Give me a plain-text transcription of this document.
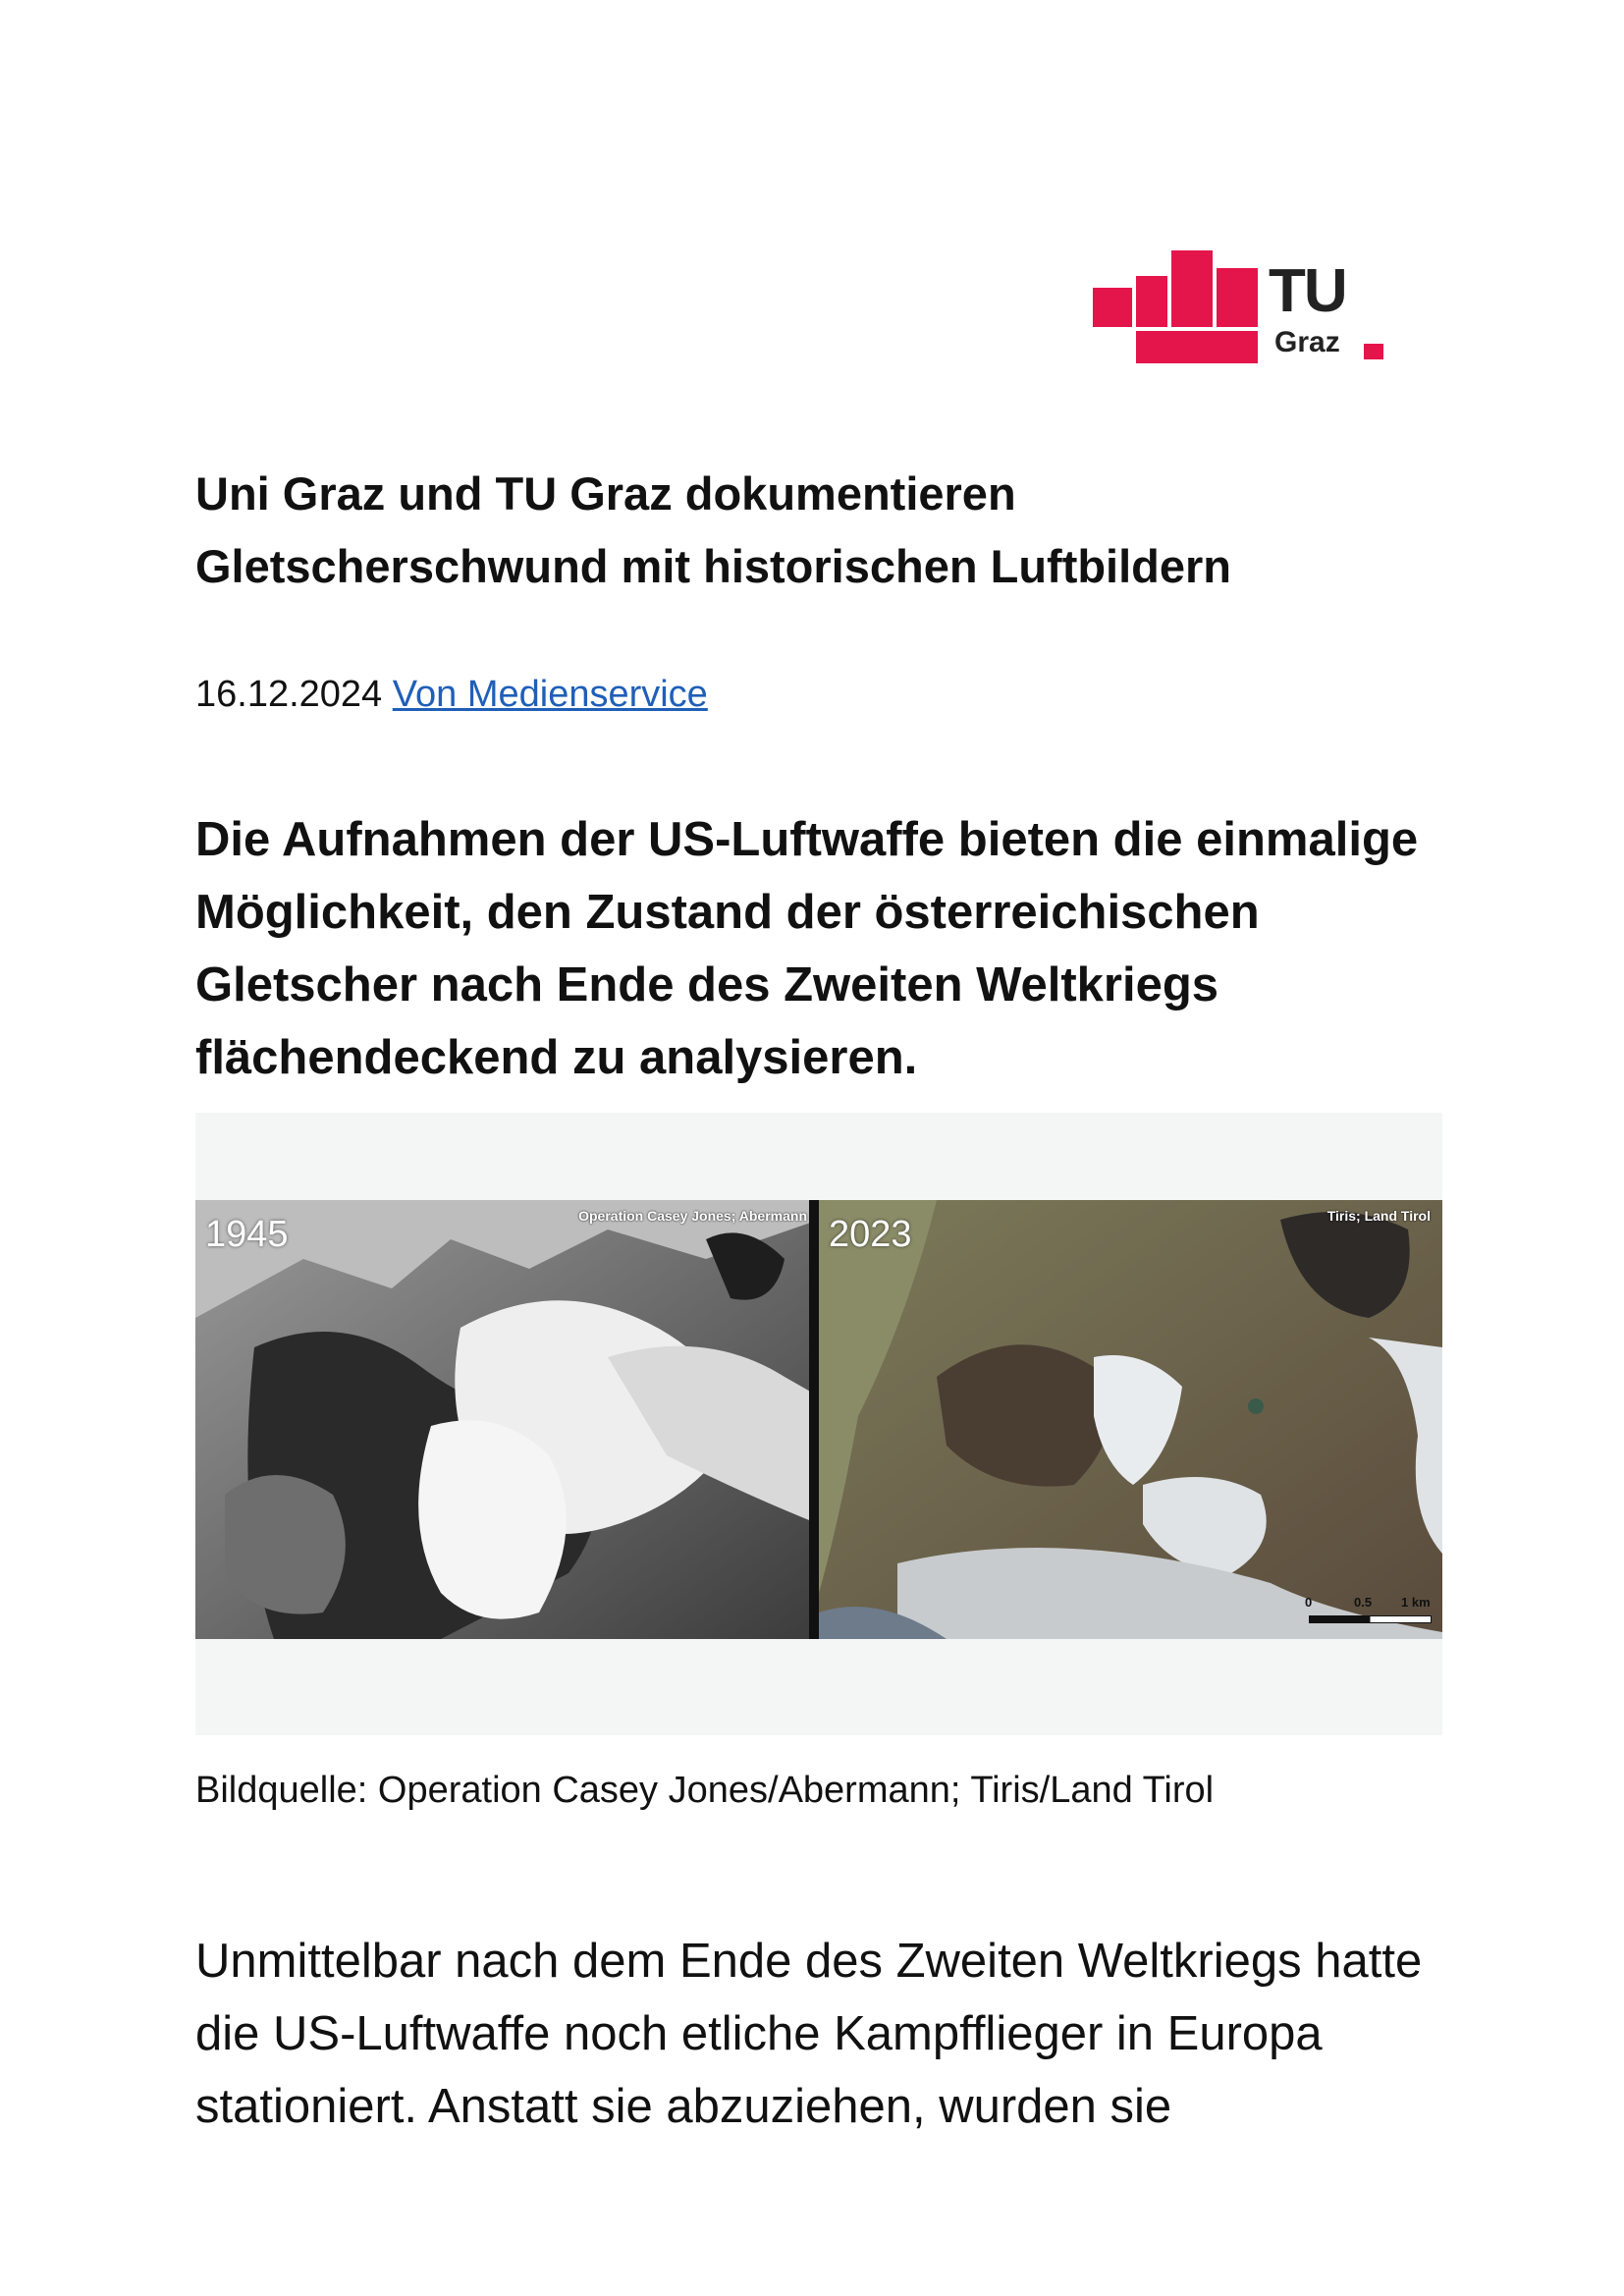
TU
Graz
Uni Graz und TU Graz dokumentieren Gletscherschwund mit historischen Luftbildern
16.12.2024 Von Medienservice

Die Aufnahmen der US-Luftwaffe bieten die einmalige Möglichkeit, den Zustand der österreichischen Gletscher nach Ende des Zweiten Weltkriegs flächendeckend zu analysieren.

1945	Operation Casey Jones; Abermann 2023	Tiris; Land Tirol
0	0.5 1 km
Bildquelle: Operation Casey Jones/Abermann; Tiris/Land Tirol

Unmittelbar nach dem Ende des Zweiten Weltkriegs hatte die US-Luftwaffe noch etliche Kampfflieger in Europa stationiert. Anstatt sie abzuziehen, wurden sie
